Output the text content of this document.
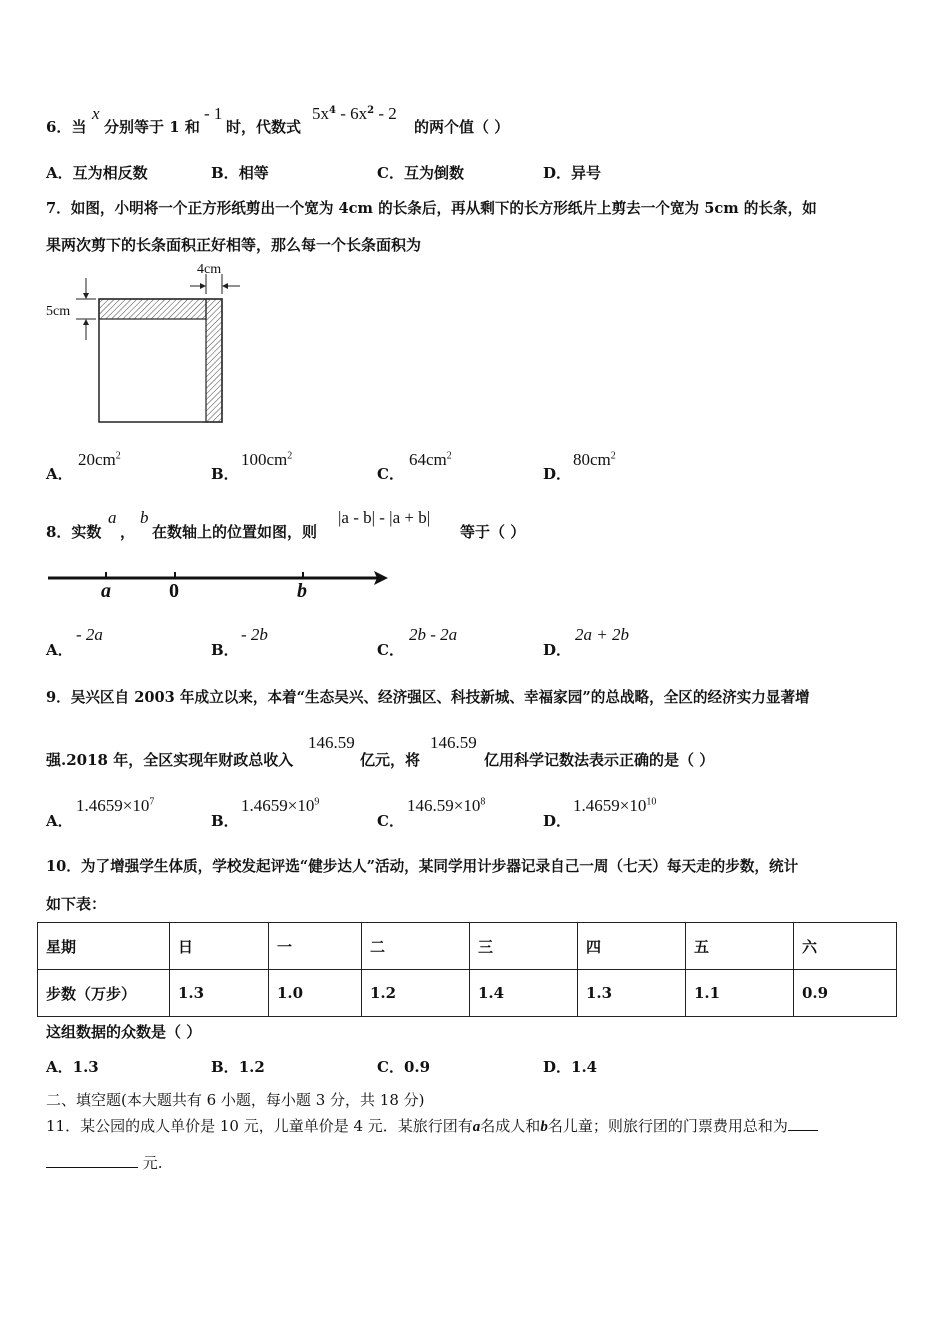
6．当
x
分别等于 1 和
- 1
时，代数式
$5x^4 - 6x^2 - 2$
的两个值（ ）
A．互为相反数	B．相等	C．互为倒数	D．异号
7．如图，小明将一个正方形纸剪出一个宽为 4cm 的长条后，再从剩下的长方形纸片上剪去一个宽为 5cm 的长条，如
果两次剪下的长条面积正好相等，那么每一个长条面积为
4cm
5cm
A．
$20cm^2$
B．
$100cm^2$
C．
$64cm^2$
D．
$80cm^2$
8．实数
a
，
b
在数轴上的位置如图，则
|a - b| - |a + b|
等于（ ）
a	0	b
A．
- 2a
B．
- 2b
C．
2b - 2a
D．
2a + 2b
9．吴兴区自 2003 年成立以来，本着“生态吴兴、经济强区、科技新城、幸福家园”的总战略，全区的经济实力显著增
强.2018 年，全区实现年财政总收入
146.59
亿元，将
146.59
亿用科学记数法表示正确的是（ ）
A．
$1.4659\times 10^7$
B．
$1.4659\times 10^9$
C．
$146.59\times 10^8$
D．
$1.4659\times 10^{10}$
10．为了增强学生体质，学校发起评选“健步达人”活动，某同学用计步器记录自己一周（七天）每天走的步数，统计
如下表：
星期	日	一	二	三	四	五	六
步数（万步）	1.3	1.0	1.2	1.4	1.3	1.1	0.9
这组数据的众数是（ ）
A．1.3	B．1.2	C．0.9	D．1.4
二、填空题(本大题共有 6 小题，每小题 3 分，共 18 分)
11．某公园的成人单价是 10 元，儿童单价是 4 元．某旅行团有a名成人和b名儿童；则旅行团的门票费用总和为
元.
